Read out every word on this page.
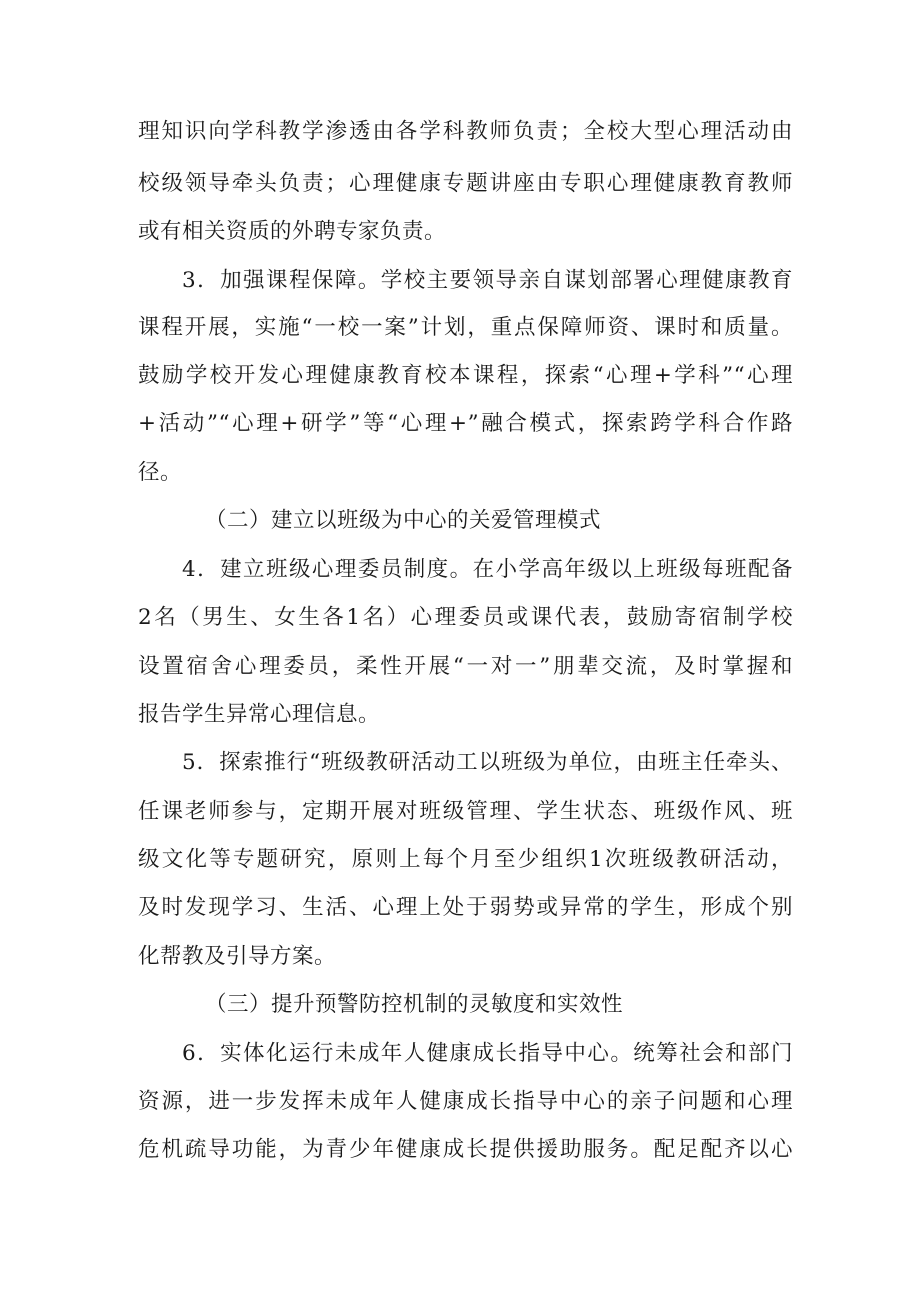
理知识向学科教学渗透由各学科教师负责；全校大型心理活动由
校级领导牵头负责；心理健康专题讲座由专职心理健康教育教师
或有相关资质的外聘专家负责。
3．加强课程保障。学校主要领导亲自谋划部署心理健康教育
课程开展，实施“一校一案”计划，重点保障师资、课时和质量。
鼓励学校开发心理健康教育校本课程，探索“心理+学科”“心理
+活动”“心理+研学”等“心理+”融合模式，探索跨学科合作路
径。
（二）建立以班级为中心的关爱管理模式
4．建立班级心理委员制度。在小学高年级以上班级每班配备
2名（男生、女生各1名）心理委员或课代表，鼓励寄宿制学校
设置宿舍心理委员，柔性开展“一对一”朋辈交流，及时掌握和
报告学生异常心理信息。
5．探索推行“班级教研活动工以班级为单位，由班主任牵头、
任课老师参与，定期开展对班级管理、学生状态、班级作风、班
级文化等专题研究，原则上每个月至少组织1次班级教研活动，
及时发现学习、生活、心理上处于弱势或异常的学生，形成个别
化帮教及引导方案。
（三）提升预警防控机制的灵敏度和实效性
6．实体化运行未成年人健康成长指导中心。统筹社会和部门
资源，进一步发挥未成年人健康成长指导中心的亲子问题和心理
危机疏导功能，为青少年健康成长提供援助服务。配足配齐以心
